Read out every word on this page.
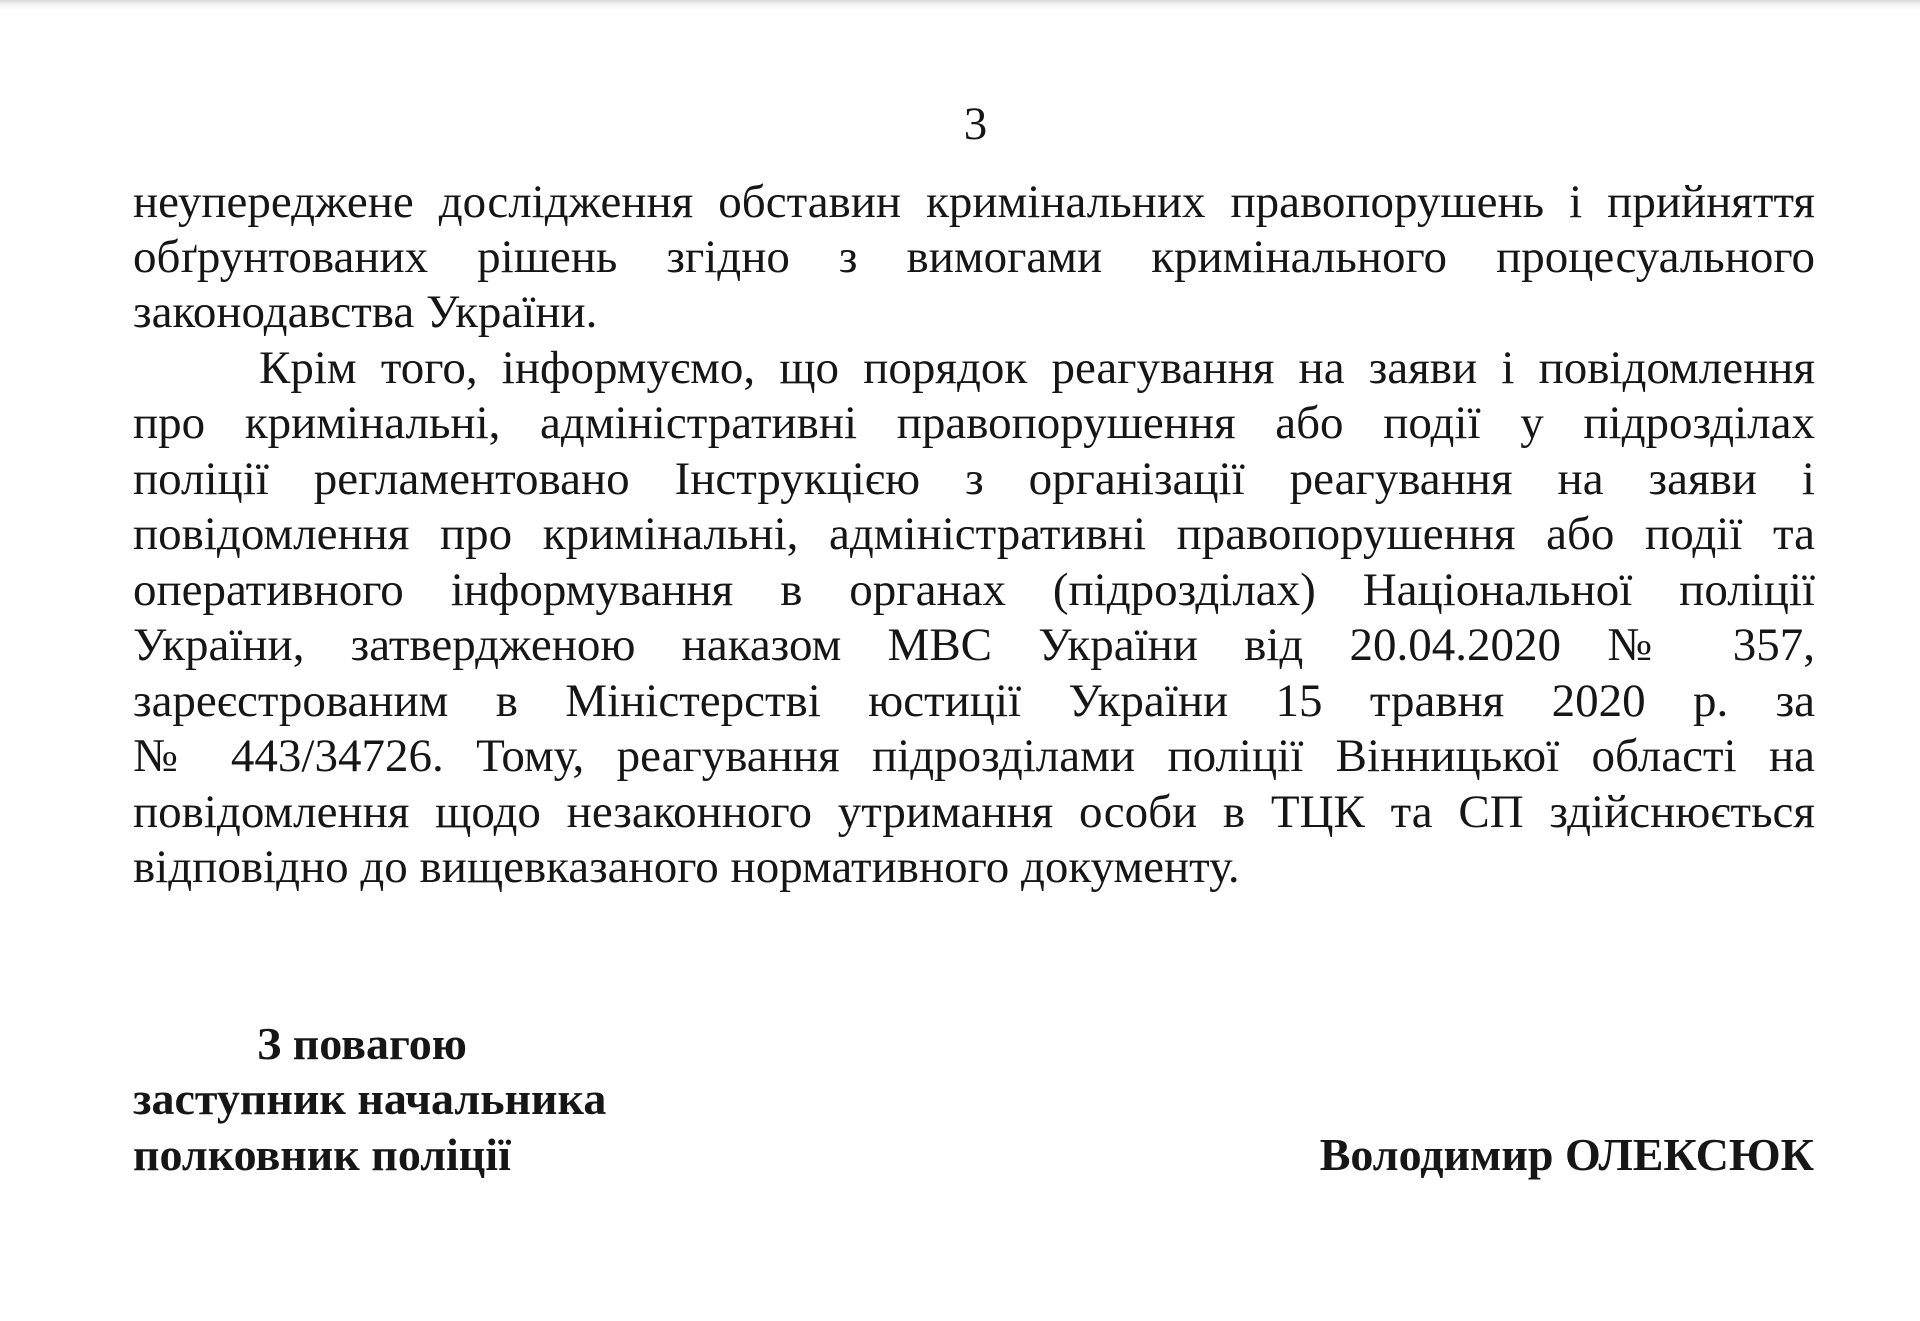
3
неупереджене дослідження обставин кримінальних правопорушень і прийняття
обґрунтованих рішень згідно з вимогами кримінального процесуального
законодавства України.
Крім того, інформуємо, що порядок реагування на заяви і повідомлення
про кримінальні, адміністративні правопорушення або події у підрозділах
поліції регламентовано Інструкцією з організації реагування на заяви і
повідомлення про кримінальні, адміністративні правопорушення або події та
оперативного інформування в органах (підрозділах) Національної поліції
України, затвердженою наказом МВС України від 20.04.2020 № 357,
зареєстрованим в Міністерстві юстиції України 15 травня 2020 р. за
№ 443/34726. Тому, реагування підрозділами поліції Вінницької області на
повідомлення щодо незаконного утримання особи в ТЦК та СП здійснюється
відповідно до вищевказаного нормативного документу.
З повагою
заступник начальника
полковник поліції	Володимир ОЛЕКСЮК
